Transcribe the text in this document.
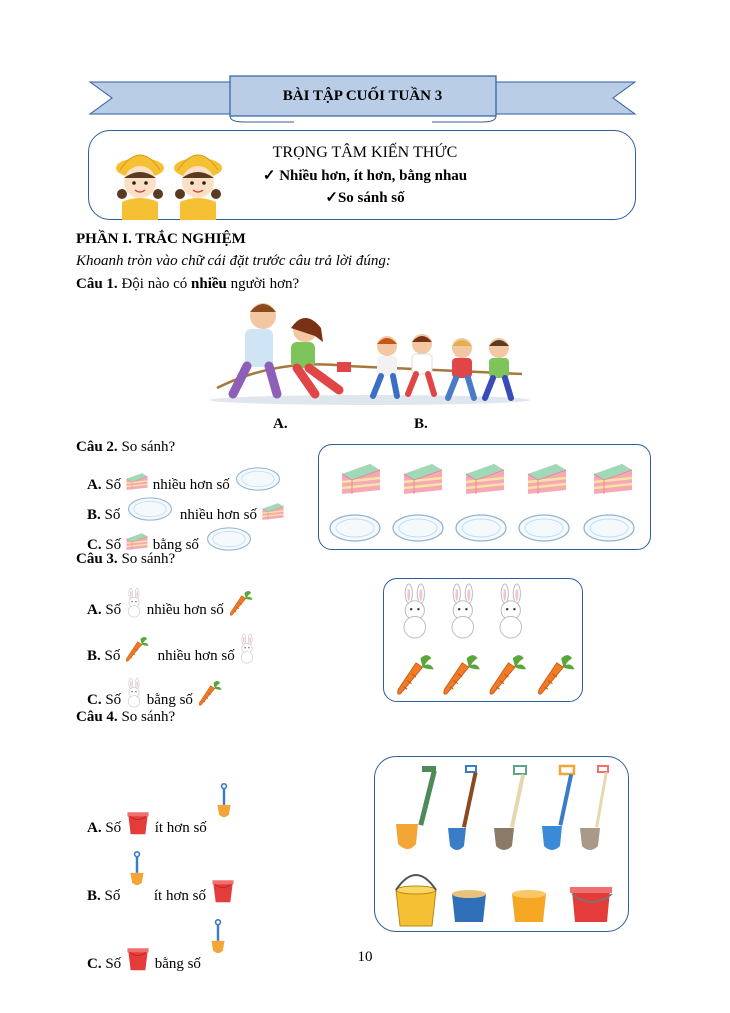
BÀI TẬP CUỐI TUẦN 3
TRỌNG TÂM KIẾN THỨC
✓ Nhiều hơn, ít hơn, bằng nhau
✓So sánh số
PHẦN I. TRẮC NGHIỆM
Khoanh tròn vào chữ cái đặt trước câu trả lời đúng:
Câu 1. Đội nào có nhiều người hơn?
A.	B.
Câu 2. So sánh?
A. Số nhiều hơn số
B. Số	nhiều hơn số
C. Số bằng số
Câu 3. So sánh?
A. Số nhiều hơn số
B. Số nhiều hơn số
C. Số bằng số
Câu 4. So sánh?
A. Số ít hơn số
B. Số ít hơn số
C. Số bằng số	10
